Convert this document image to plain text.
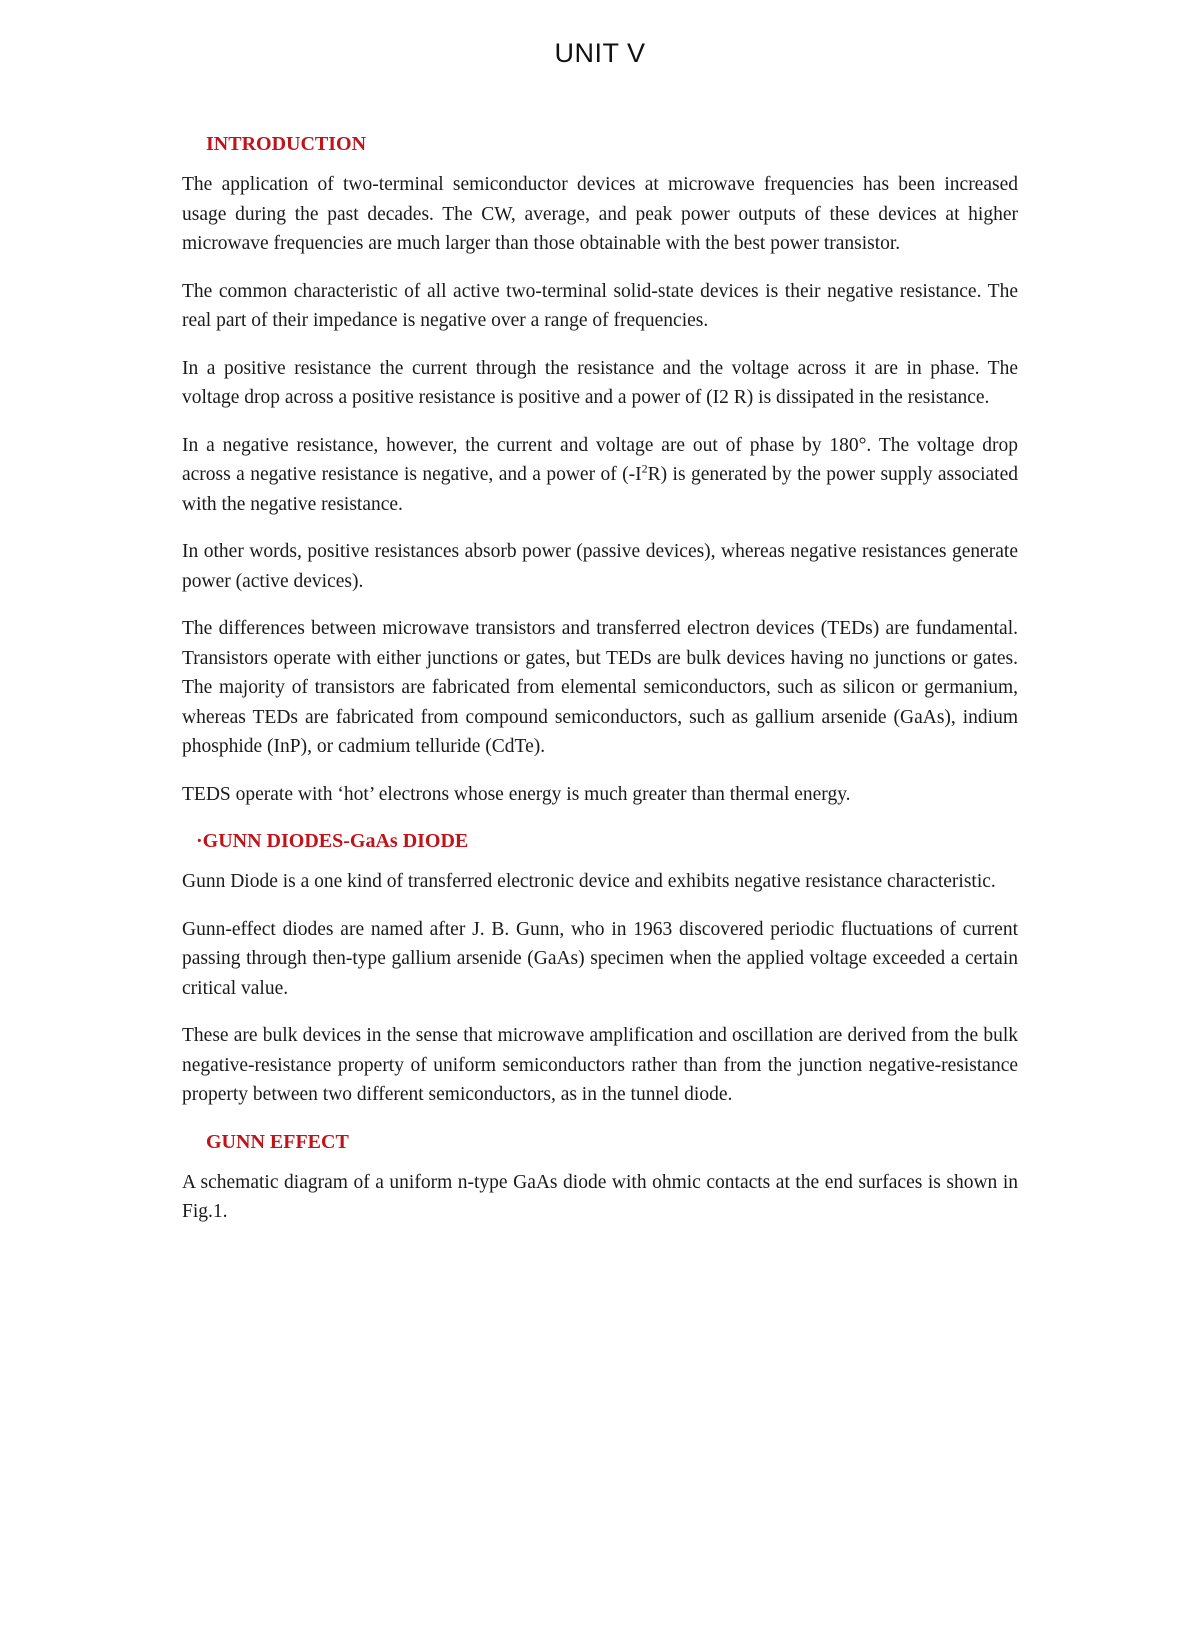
UNIT V
INTRODUCTION

The application of two-terminal semiconductor devices at microwave frequencies has been increased usage during the past decades. The CW, average, and peak power outputs of these devices at higher microwave frequencies are much larger than those obtainable with the best power transistor.

The common characteristic of all active two-terminal solid-state devices is their negative resistance. The real part of their impedance is negative over a range of frequencies.

In a positive resistance the current through the resistance and the voltage across it are in phase. The voltage drop across a positive resistance is positive and a power of (I2 R) is dissipated in the resistance.

In a negative resistance, however, the current and voltage are out of phase by 180°. The voltage drop across a negative resistance is negative, and a power of $(-I^2R)$ is generated by the power supply associated with the negative resistance.

In other words, positive resistances absorb power (passive devices), whereas negative resistances generate power (active devices).

The differences between microwave transistors and transferred electron devices (TEDs) are fundamental. Transistors operate with either junctions or gates, but TEDs are bulk devices having no junctions or gates. The majority of transistors are fabricated from elemental semiconductors, such as silicon or germanium, whereas TEDs are fabricated from compound semiconductors, such as gallium arsenide (GaAs), indium phosphide (InP), or cadmium telluride (CdTe).

TEDS operate with ‘hot’ electrons whose energy is much greater than thermal energy.

·GUNN DIODES-GaAs DIODE

Gunn Diode is a one kind of transferred electronic device and exhibits negative resistance characteristic.

Gunn-effect diodes are named after J. B. Gunn, who in 1963 discovered periodic fluctuations of current passing through then-type gallium arsenide (GaAs) specimen when the applied voltage exceeded a certain critical value.

These are bulk devices in the sense that microwave amplification and oscillation are derived from the bulk negative-resistance property of uniform semiconductors rather than from the junction negative-resistance property between two different semiconductors, as in the tunnel diode.

GUNN EFFECT

A schematic diagram of a uniform n-type GaAs diode with ohmic contacts at the end surfaces is shown in Fig.1.
